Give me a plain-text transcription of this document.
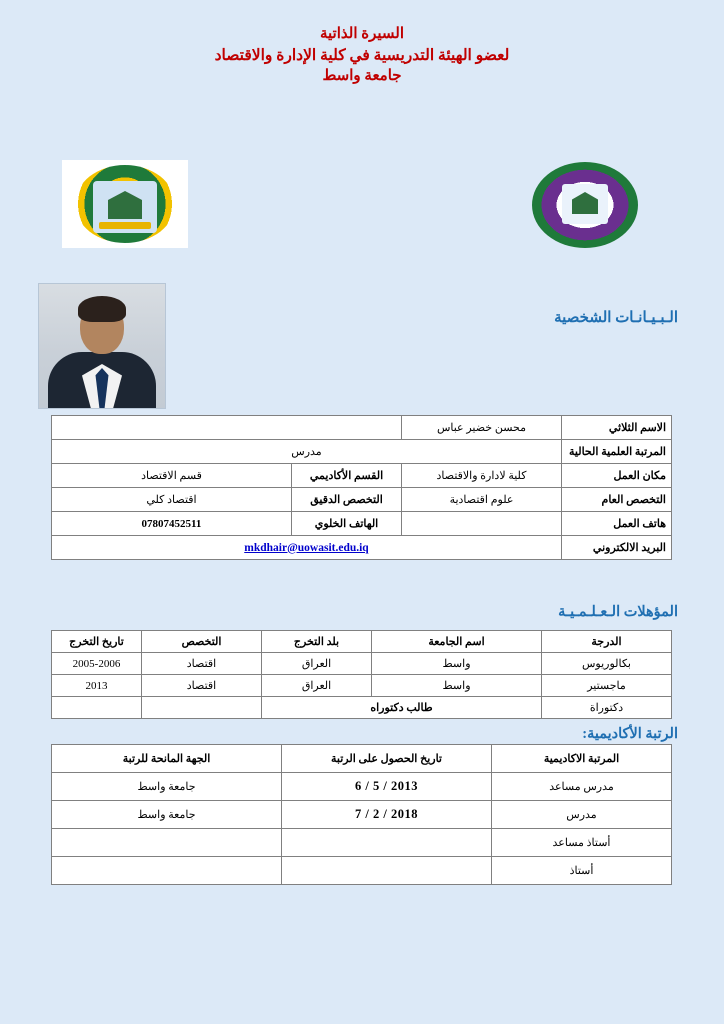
السيرة الذاتية
لعضو الهيئة التدريسية في كلية الإدارة والاقتصاد
جامعة واسط
الـبـيـانـات الشخصية
المؤهلات الـعـلـمـيـة
الرتبة الأكاديمية:
الاسم الثلاثي	محسن خضير عباس		
المرتبة العلمية الحالية	مدرس		
مكان العمل	كلية لادارة والاقتصاد	القسم الأكاديمي	قسم الاقتصاد
التخصص العام	علوم اقتصادية	التخصص الدقيق	اقتصاد كلي
هاتف العمل		الهاتف الخلوي	07807452511
البريد الالكتروني	mkdhair@uowasit.edu.iq		
الدرجة	اسم الجامعة	بلد التخرج	التخصص	تاريخ التخرج
بكالوريوس	واسط	العراق	اقتصاد	2005-2006
ماجستير	واسط	العراق	اقتصاد	2013
دكتوراة	طالب دكتوراه			
المرتبة الاكاديمية	تاريخ الحصول على الرتبة	الجهة المانحة للرتبة
مدرس مساعد	2013 / 5 / 6	جامعة واسط
مدرس	2018 / 2 / 7	جامعة واسط
أستاذ مساعد		
أستاذ		
